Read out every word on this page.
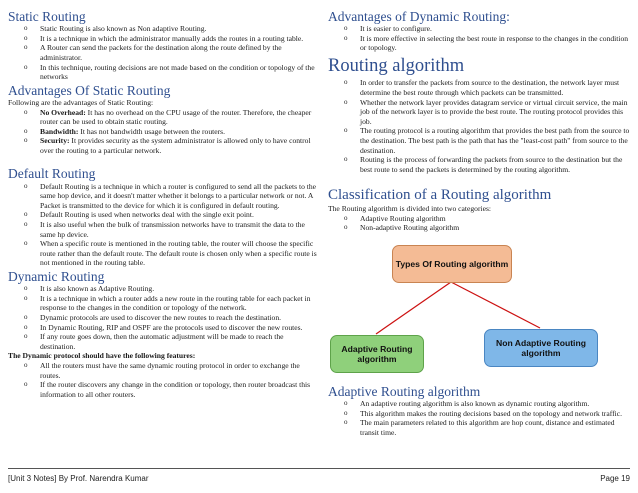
Static Routing
o Static Routing is also known as Non adaptive Routing.
o It is a technique in which the administrator manually adds the routes in a routing table.
o A Router can send the packets for the destination along the route defined by the administrator.
o In this technique, routing decisions are not made based on the condition or topology of the networks
Advantages Of Static Routing

Following are the advantages of Static Routing:

o No Overhead: It has no overhead on the CPU usage of the router. Therefore, the cheaper router can be used to obtain static routing.
o Bandwidth: It has not bandwidth usage between the routers.
o Security: It provides security as the system administrator is allowed only to have control over the routing to a particular network.
Default Routing
o Default Routing is a technique in which a router is configured to send all the packets to the same hop device, and it doesn't matter whether it belongs to a particular network or not. A Packet is transmitted to the device for which it is configured in default routing.
o Default Routing is used when networks deal with the single exit point.
o It is also useful when the bulk of transmission networks have to transmit the data to the same hp device.
o When a specific route is mentioned in the routing table, the router will choose the specific route rather than the default route. The default route is chosen only when a specific route is not mentioned in the routing table.
Dynamic Routing
o It is also known as Adaptive Routing.
o It is a technique in which a router adds a new route in the routing table for each packet in response to the changes in the condition or topology of the network.
o Dynamic protocols are used to discover the new routes to reach the destination.
o In Dynamic Routing, RIP and OSPF are the protocols used to discover the new routes.
o If any route goes down, then the automatic adjustment will be made to reach the destination.

The Dynamic protocol should have the following features:

o All the routers must have the same dynamic routing protocol in order to exchange the routes.
o If the router discovers any change in the condition or topology, then router broadcast this information to all other routers.
Advantages of Dynamic Routing:
o It is easier to configure.
o It is more effective in selecting the best route in response to the changes in the condition or topology.
Routing algorithm
o In order to transfer the packets from source to the destination, the network layer must determine the best route through which packets can be transmitted.
o Whether the network layer provides datagram service or virtual circuit service, the main job of the network layer is to provide the best route. The routing protocol provides this job.
o The routing protocol is a routing algorithm that provides the best path from the source to the destination. The best path is the path that has the "least-cost path" from source to the destination.
o Routing is the process of forwarding the packets from source to the destination but the best route to send the packets is determined by the routing algorithm.
Classification of a Routing algorithm

The Routing algorithm is divided into two categories:

o Adaptive Routing algorithm
o Non-adaptive Routing algorithm
Types Of Routing algorithm
Adaptive Routing algorithm
Non Adaptive Routing algorithm
Adaptive Routing algorithm
o An adaptive routing algorithm is also known as dynamic routing algorithm.
o This algorithm makes the routing decisions based on the topology and network traffic.
o The main parameters related to this algorithm are hop count, distance and estimated transit time.
[Unit 3 Notes] By Prof. Narendra Kumar	Page 19
